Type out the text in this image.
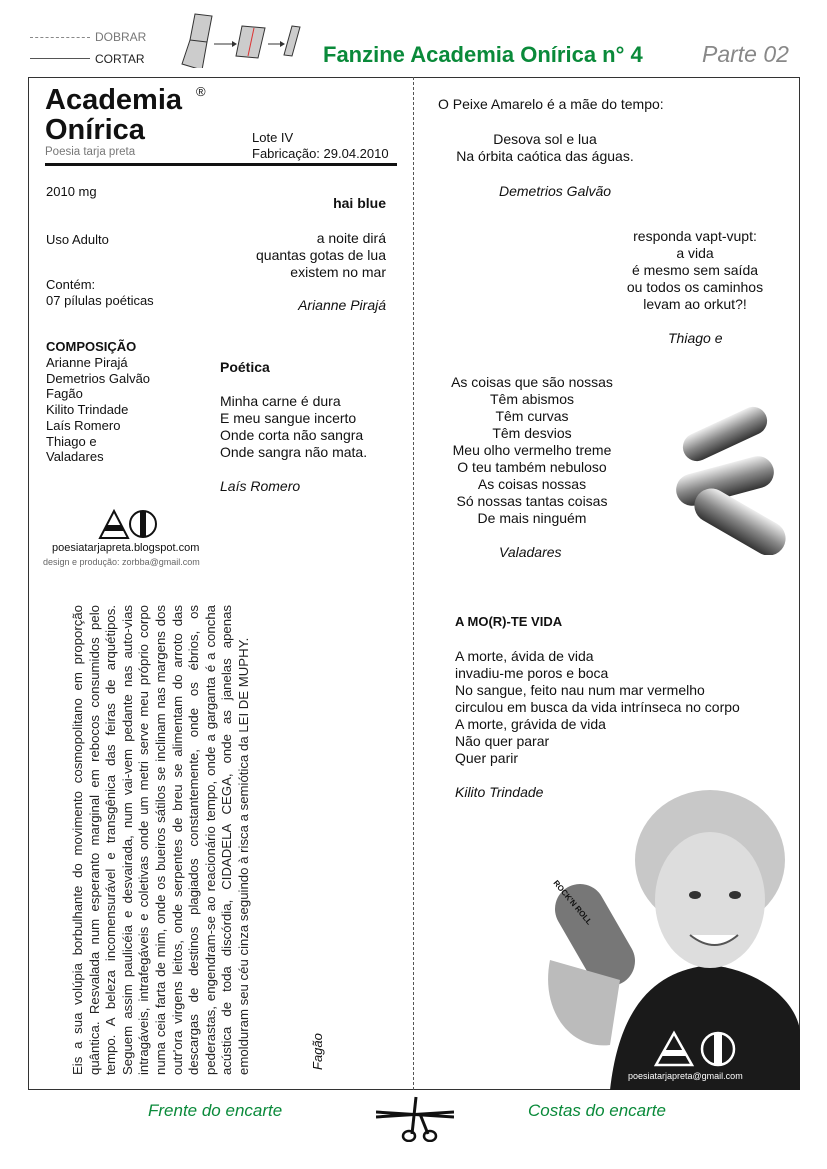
DOBRAR
CORTAR	Fanzine Academia Onírica n° 4	Parte 02
Academia ®
Onírica
Poesia tarja preta
Lote IV
Fabricação: 29.04.2010
2010 mg
Uso Adulto
Contém:
07 pílulas poéticas
COMPOSIÇÃO
Arianne Pirajá
Demetrios Galvão
Fagão
Kilito Trindade
Laís Romero
Thiago e
Valadares
hai blue
a noite dirá
quantas gotas de lua
existem no mar
Arianne Pirajá
Poética
Minha carne é dura
E meu sangue incerto
Onde corta não sangra
Onde sangra não mata.
Laís Romero
poesiatarjapreta.blogspot.com
design e produção: zorbba@gmail.com
Eis a sua volúpia borbulhante do movimento cosmopolitano em proporção quântica. Resvalada num esperanto marginal em rebocos consumidos pelo tempo. A beleza incomensurável e transgênica das feiras de arquétipos. Seguem assim paulicéia e desvairada, num vai-vem pedante nas auto-vias intragáveis, intrafegáveis e coletivas onde um metri serve meu próprio corpo numa ceia farta de mim, onde os bueiros sátilos se inclinam nas margens dos outr'ora virgens leitos, onde serpentes de breu se alimentam do arroto das descargas de destinos plagiados constantemente, onde os ébrios, os pederastas, engendram-se ao reacionário tempo, onde a garganta é a concha acústica de toda discórdia, CIDADELA CEGA, onde as janelas apenas emolduram seu céu cinza seguindo à risca a semiótica da LEI DE MUPHY.	Fagão
O Peixe Amarelo é a mãe do tempo:
Desova sol e lua
Na órbita caótica das águas.
Demetrios Galvão
responda vapt-vupt:
a vida
é mesmo sem saída
ou todos os caminhos
levam ao orkut?!
Thiago e
As coisas que são nossas
Têm abismos
Têm curvas
Têm desvios
Meu olho vermelho treme
O teu também nebuloso
As coisas nossas
Só nossas tantas coisas
De mais ninguém
Valadares
A MO(R)-TE VIDA
A morte, ávida de vida
invadiu-me poros e boca
No sangue, feito nau num mar vermelho
circulou em busca da vida intrínseca no corpo
A morte, grávida de vida
Não quer parar
Quer parir
Kilito Trindade
ROCK'N ROLL
poesiatarjapreta@gmail.com
Frente do encarte	Costas do encarte
